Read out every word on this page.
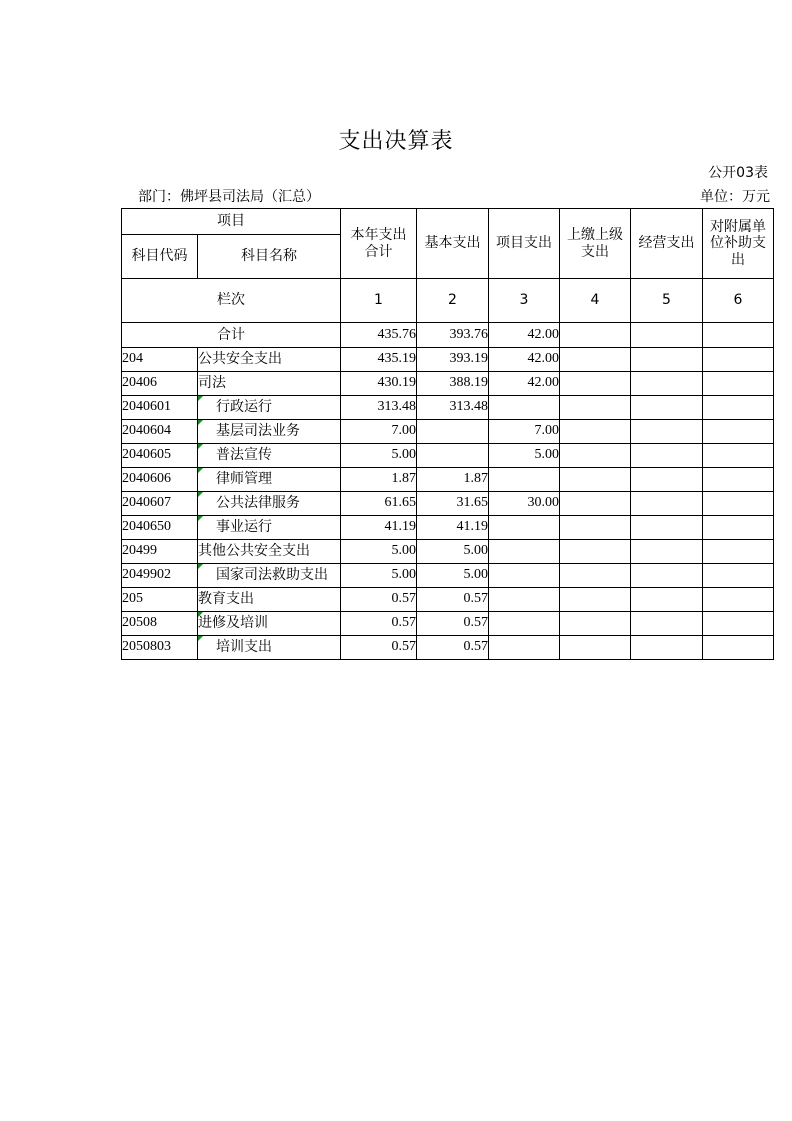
支出决算表
公开03表
部门：佛坪县司法局（汇总）	单位：万元
项目		本年支出合计	基本支出	项目支出	上缴上级支出	经营支出	对附属单位补助支出
科目代码	科目名称						
栏次		1	2	3	4	5	6
合计		435.76	393.76	42.00			
204	公共安全支出	435.19	393.19	42.00			
20406	司法	430.19	388.19	42.00			
2040601	行政运行	313.48	313.48				
2040604	基层司法业务	7.00		7.00			
2040605	普法宣传	5.00		5.00			
2040606	律师管理	1.87	1.87				
2040607	公共法律服务	61.65	31.65	30.00			
2040650	事业运行	41.19	41.19				
20499	其他公共安全支出	5.00	5.00				
2049902	国家司法救助支出	5.00	5.00				
205	教育支出	0.57	0.57				
20508	进修及培训	0.57	0.57				
2050803	培训支出	0.57	0.57				
